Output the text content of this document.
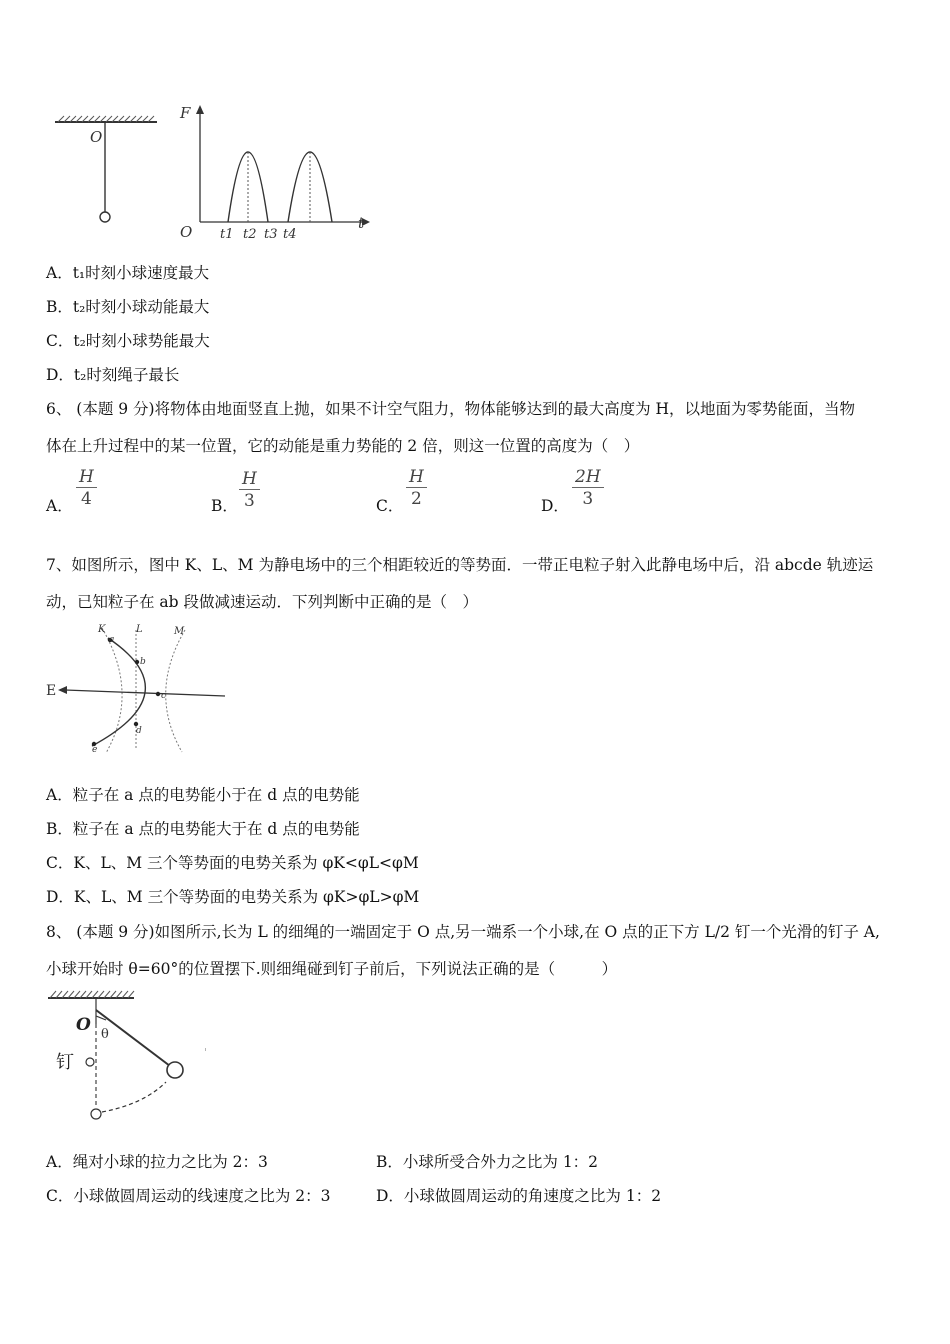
O
F
t
O t1 t2 t3 t4
A．t₁时刻小球速度最大
B．t₂时刻小球动能最大
C．t₂时刻小球势能最大
D．t₂时刻绳子最长
6、 (本题 9 分)将物体由地面竖直上抛，如果不计空气阻力，物体能够达到的最大高度为 H，以地面为零势能面，当物
体在上升过程中的某一位置，它的动能是重力势能的 2 倍，则这一位置的高度为（　）
A． $\frac{H}{4}$	B． $\frac{H}{3}$	C． $\frac{H}{2}$	D． $\frac{2H}{3}$
7、如图所示，图中 K、L、M 为静电场中的三个相距较近的等势面．一带正电粒子射入此静电场中后，沿 abcde 轨迹运
动，已知粒子在 ab 段做减速运动．下列判断中正确的是（　）
E
K	L	M
a
b
c
d
e
A．粒子在 a 点的电势能小于在 d 点的电势能
B．粒子在 a 点的电势能大于在 d 点的电势能
C．K、L、M 三个等势面的电势关系为 φK<φL<φM
D．K、L、M 三个等势面的电势关系为 φK>φL>φM
8、 (本题 9 分)如图所示,长为 L 的细绳的一端固定于 O 点,另一端系一个小球,在 O 点的正下方 L/2 钉一个光滑的钉子 A,
小球开始时 θ=60°的位置摆下.则细绳碰到钉子前后，下列说法正确的是（　　　）
O θ
钉	'
A．绳对小球的拉力之比为 2：3	B．小球所受合外力之比为 1：2
C．小球做圆周运动的线速度之比为 2：3	D．小球做圆周运动的角速度之比为 1：2
